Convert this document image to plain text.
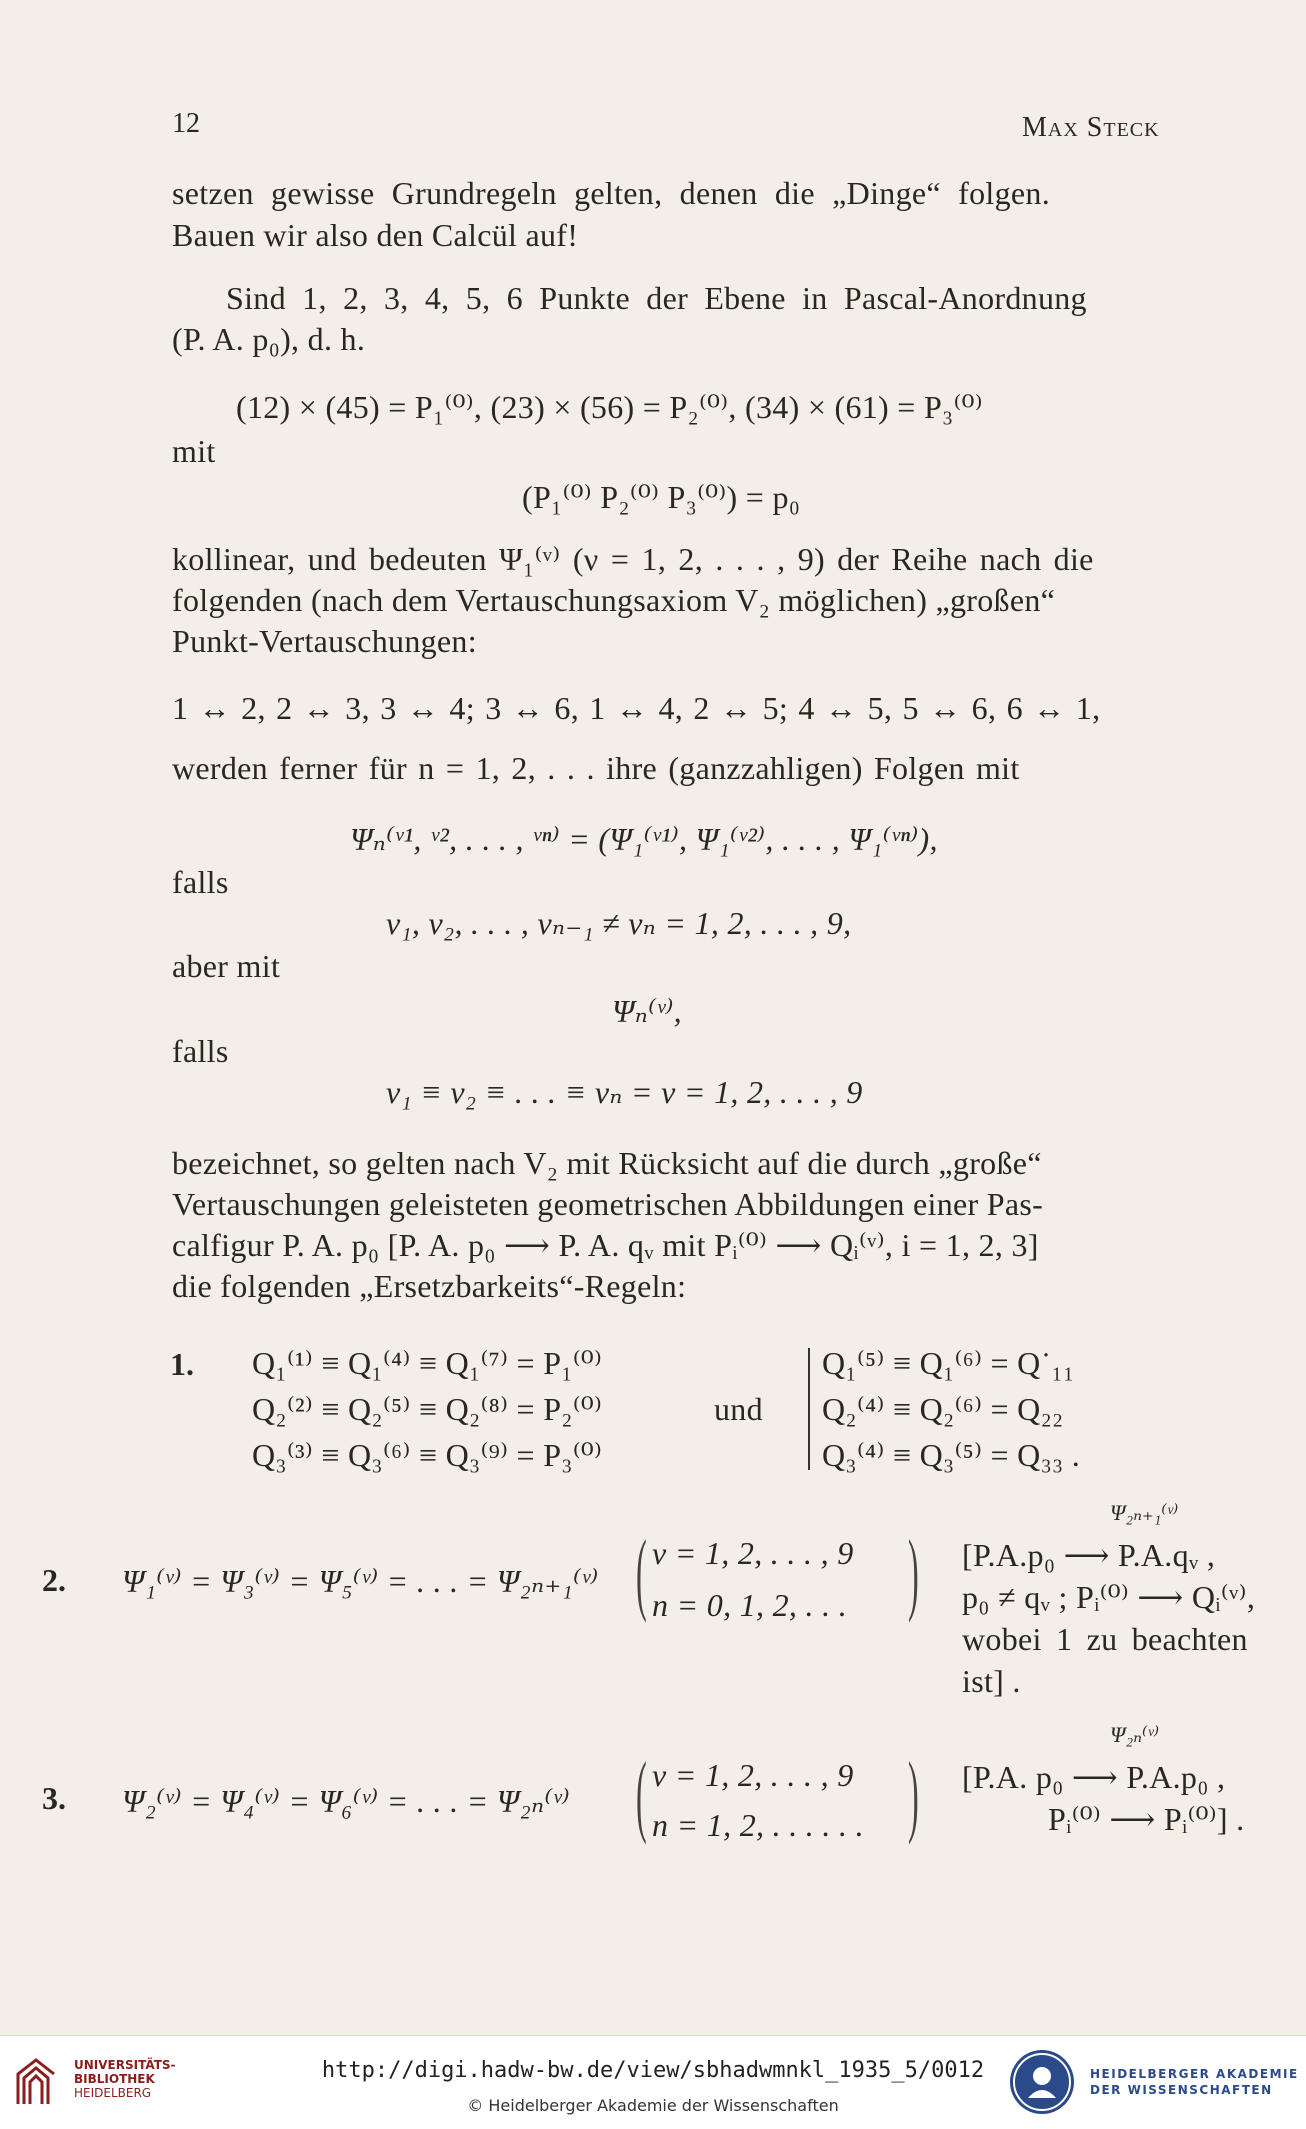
12	Max Steck
setzen gewisse Grundregeln gelten, denen die „Dinge“ folgen.
Bauen wir also den Calcül auf!
Sind 1, 2, 3, 4, 5, 6 Punkte der Ebene in Pascal-Anordnung
(P. A. p₀), d. h.
(12) × (45) = P₁⁽⁰⁾, (23) × (56) = P₂⁽⁰⁾, (34) × (61) = P₃⁽⁰⁾
mit
(P₁⁽⁰⁾ P₂⁽⁰⁾ P₃⁽⁰⁾) = p₀
kollinear, und bedeuten Ψ₁⁽ᵛ⁾ (ν = 1, 2, . . . , 9) der Reihe nach die
folgenden (nach dem Vertauschungsaxiom V₂ möglichen) „großen“
Punkt-Vertauschungen:
1 ↔ 2, 2 ↔ 3, 3 ↔ 4; 3 ↔ 6, 1 ↔ 4, 2 ↔ 5; 4 ↔ 5, 5 ↔ 6, 6 ↔ 1,
werden ferner für n = 1, 2, . . . ihre (ganzzahligen) Folgen mit
Ψₙ⁽ᵛ¹, ᵛ², . . . , ᵛⁿ⁾ = (Ψ₁⁽ᵛ¹⁾, Ψ₁⁽ᵛ²⁾, . . . , Ψ₁⁽ᵛⁿ⁾),
falls
ν₁, ν₂, . . . , νₙ₋₁ ≠ νₙ = 1, 2, . . . , 9,
aber mit
Ψₙ⁽ᵛ⁾,
falls
ν₁ ≡ ν₂ ≡ . . . ≡ νₙ = ν = 1, 2, . . . , 9
bezeichnet, so gelten nach V₂ mit Rücksicht auf die durch „große“
Vertauschungen geleisteten geometrischen Abbildungen einer Pas-
calfigur P. A. p₀ [P. A. p₀ ⟶ P. A. qᵥ mit Pᵢ⁽⁰⁾ ⟶ Qᵢ⁽ᵛ⁾, i = 1, 2, 3]
die folgenden „Ersetzbarkeits“-Regeln:
1. Q₁⁽¹⁾ ≡ Q₁⁽⁴⁾ ≡ Q₁⁽⁷⁾ = P₁⁽⁰⁾
Q₂⁽²⁾ ≡ Q₂⁽⁵⁾ ≡ Q₂⁽⁸⁾ = P₂⁽⁰⁾
Q₃⁽³⁾ ≡ Q₃⁽⁶⁾ ≡ Q₃⁽⁹⁾ = P₃⁽⁰⁾
und
Q₁⁽⁵⁾ ≡ Q₁⁽⁶⁾ = Q˙₁₁
Q₂⁽⁴⁾ ≡ Q₂⁽⁶⁾ = Q₂₂
Q₃⁽⁴⁾ ≡ Q₃⁽⁵⁾ = Q₃₃ .
2. Ψ₁⁽ᵛ⁾ = Ψ₃⁽ᵛ⁾ = Ψ₅⁽ᵛ⁾ = . . . = Ψ₂ₙ₊₁⁽ᵛ⁾ ( ν = 1, 2, . . . , 9
n = 0, 1, 2, . . . )
Ψ₂ₙ₊₁⁽ᵛ⁾
[P.A.p₀ ⟶ P.A.qᵥ ,
p₀ ≠ qᵥ ; Pᵢ⁽⁰⁾ ⟶ Qᵢ⁽ᵛ⁾,
wobei 1 zu beachten
ist] .
3. Ψ₂⁽ᵛ⁾ = Ψ₄⁽ᵛ⁾ = Ψ₆⁽ᵛ⁾ = . . . = Ψ₂ₙ⁽ᵛ⁾ ( ν = 1, 2, . . . , 9
n = 1, 2, . . . . . . )
Ψ₂ₙ⁽ᵛ⁾
[P.A. p₀ ⟶ P.A.p₀ ,
Pᵢ⁽⁰⁾ ⟶ Pᵢ⁽⁰⁾] .
UNIVERSITÄTS-
BIBLIOTHEK
HEIDELBERG
http://digi.hadw-bw.de/view/sbhadwmnkl_1935_5/0012
© Heidelberger Akademie der Wissenschaften
HEIDELBERGER AKADEMIE
DER WISSENSCHAFTEN
